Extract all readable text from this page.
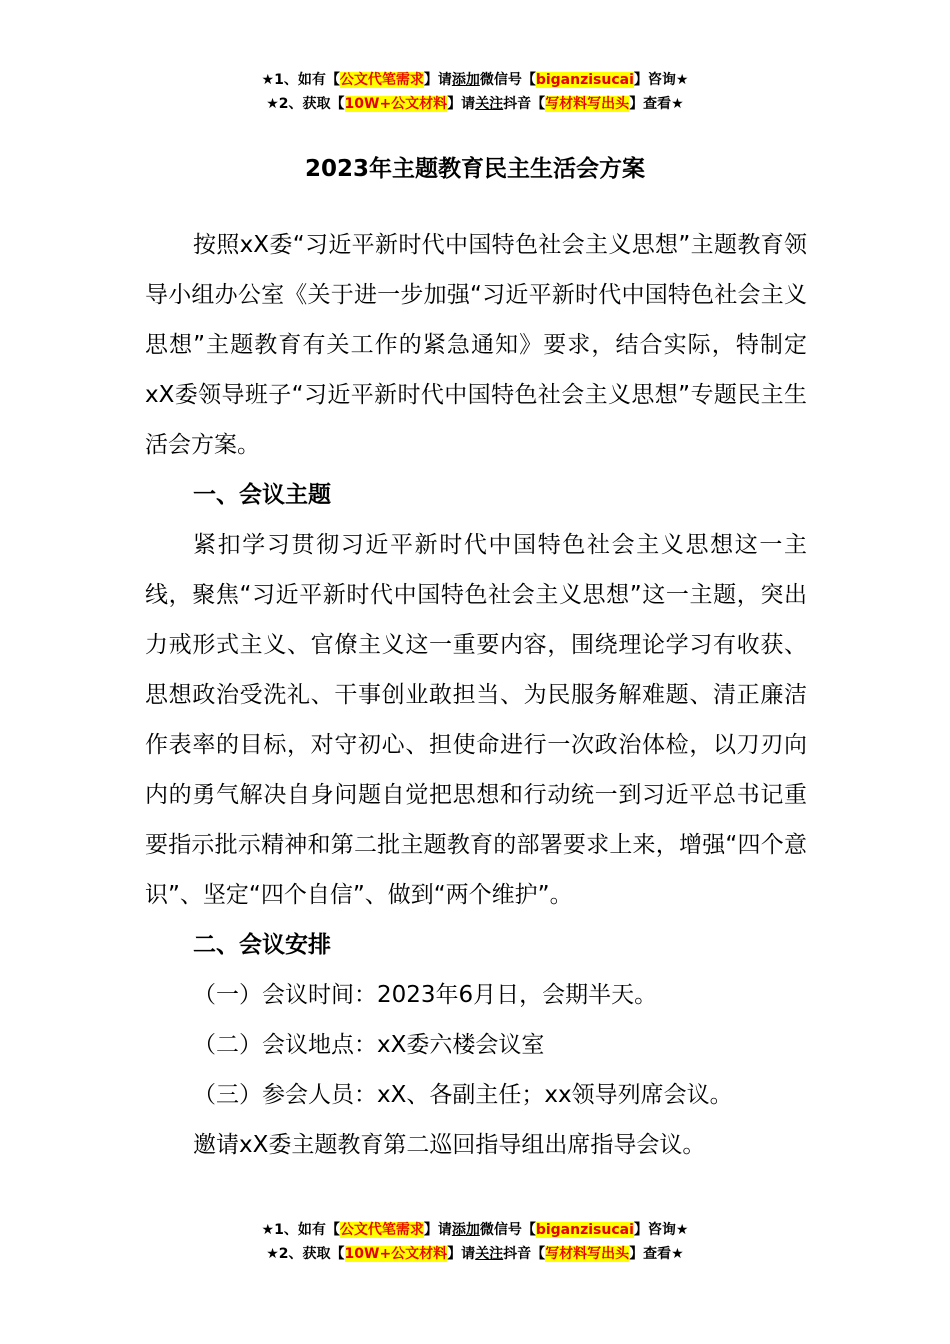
★1、如有【公文代笔需求】请添加微信号【biganzisucai】咨询★
★2、获取【10W+公文材料】请关注抖音【写材料写出头】查看★
2023年主题教育民主生活会方案

按照xX委“习近平新时代中国特色社会主义思想”主题教育领导小组办公室《关于进一步加强“习近平新时代中国特色社会主义思想”主题教育有关工作的紧急通知》要求，结合实际，特制定xX委领导班子“习近平新时代中国特色社会主义思想”专题民主生活会方案。

一、会议主题

紧扣学习贯彻习近平新时代中国特色社会主义思想这一主线，聚焦“习近平新时代中国特色社会主义思想”这一主题，突出力戒形式主义、官僚主义这一重要内容，围绕理论学习有收获、思想政治受洗礼、干事创业敢担当、为民服务解难题、清正廉洁作表率的目标，对守初心、担使命进行一次政治体检，以刀刃向内的勇气解决自身问题自觉把思想和行动统一到习近平总书记重要指示批示精神和第二批主题教育的部署要求上来，增强“四个意识”、坚定“四个自信”、做到“两个维护”。

二、会议安排

（一）会议时间：2023年6月日，会期半天。

（二）会议地点：xX委六楼会议室

（三）参会人员：xX、各副主任；xx领导列席会议。

邀请xX委主题教育第二巡回指导组出席指导会议。

★1、如有【公文代笔需求】请添加微信号【biganzisucai】咨询★
★2、获取【10W+公文材料】请关注抖音【写材料写出头】查看★
